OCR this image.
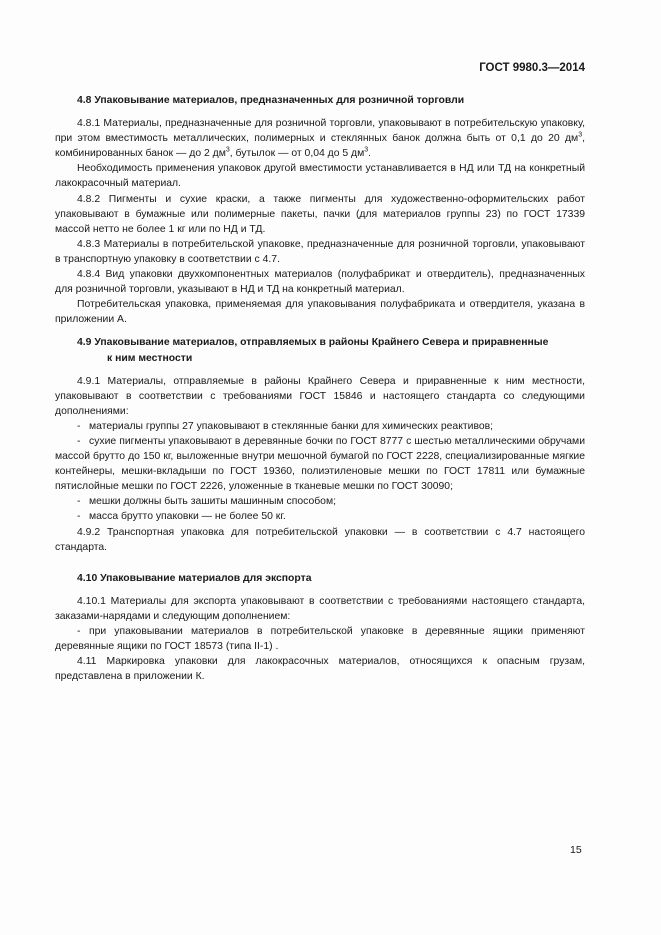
ГОСТ 9980.3—2014
4.8 Упаковывание материалов, предназначенных для розничной торговли

4.8.1 Материалы, предназначенные для розничной торговли, упаковывают в потребительскую упаковку, при этом вместимость металлических, полимерных и стеклянных банок должна быть от 0,1 до 20 $дм^3$, комбинированных банок — до 2 $дм^3$, бутылок — от 0,04 до 5 $дм^3$.

Необходимость применения упаковок другой вместимости устанавливается в НД или ТД на конкретный лакокрасочный материал.

4.8.2 Пигменты и сухие краски, а также пигменты для художественно-оформительских работ упаковывают в бумажные или полимерные пакеты, пачки (для материалов группы 23) по ГОСТ 17339 массой нетто не более 1 кг или по НД и ТД.

4.8.3 Материалы в потребительской упаковке, предназначенные для розничной торговли, упаковывают в транспортную упаковку в соответствии с 4.7.

4.8.4 Вид упаковки двухкомпонентных материалов (полуфабрикат и отвердитель), предназначенных для розничной торговли, указывают в НД и ТД на конкретный материал.

Потребительская упаковка, применяемая для упаковывания полуфабриката и отвердителя, указана в приложении А.

4.9 Упаковывание материалов, отправляемых в районы Крайнего Севера и приравненные
к ним местности

4.9.1 Материалы, отправляемые в районы Крайнего Севера и приравненные к ним местности, упаковывают в соответствии с требованиями ГОСТ 15846 и настоящего стандарта со следующими дополнениями:

- материалы группы 27 упаковывают в стеклянные банки для химических реактивов;

- сухие пигменты упаковывают в деревянные бочки по ГОСТ 8777 с шестью металлическими обручами массой брутто до 150 кг, выложенные внутри мешочной бумагой по ГОСТ 2228, специализированные мягкие контейнеры, мешки-вкладыши по ГОСТ 19360, полиэтиленовые мешки по ГОСТ 17811 или бумажные пятислойные мешки по ГОСТ 2226, уложенные в тканевые мешки по ГОСТ 30090;

- мешки должны быть зашиты машинным способом;

- масса брутто упаковки — не более 50 кг.

4.9.2 Транспортная упаковка для потребительской упаковки — в соответствии с 4.7 настоящего стандарта.

4.10 Упаковывание материалов для экспорта

4.10.1 Материалы для экспорта упаковывают в соответствии с требованиями настоящего стандарта, заказами-нарядами и следующим дополнением:

- при упаковывании материалов в потребительской упаковке в деревянные ящики применяют деревянные ящики по ГОСТ 18573 (типа II-1) .

4.11 Маркировка упаковки для лакокрасочных материалов, относящихся к опасным грузам, представлена в приложении К.

15
